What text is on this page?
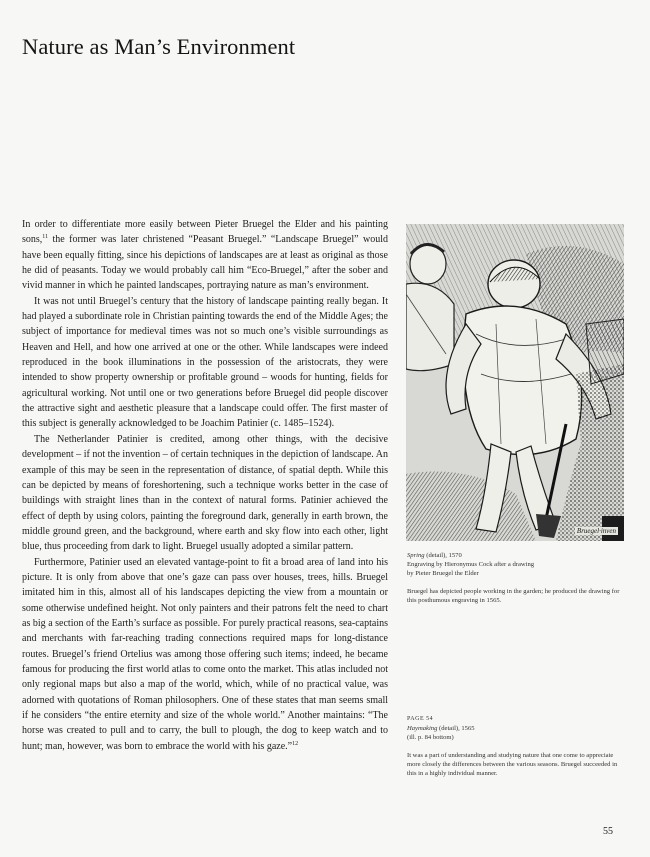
Nature as Man’s Environment

In order to differentiate more easily between Pieter Bruegel the Elder and his painting sons,$^{11}$ the former was later christened “Peasant Bruegel.” “Landscape Bruegel” would have been equally fitting, since his depictions of landscapes are at least as original as those he did of peasants. Today we would probably call him “Eco-Bruegel,” after the sober and vivid manner in which he painted landscapes, portraying nature as man’s environment.

It was not until Bruegel’s century that the history of landscape painting really began. It had played a subordinate role in Christian painting towards the end of the Middle Ages; the subject of importance for medieval times was not so much one’s visible surroundings as Heaven and Hell, and how one arrived at one or the other. While landscapes were indeed reproduced in the book illuminations in the possession of the aristocrats, they were intended to show property ownership or profitable ground – woods for hunting, fields for agricultural working. Not until one or two generations before Bruegel did people discover the attractive sight and aesthetic pleasure that a landscape could offer. The first master of this subject is generally acknowledged to be Joachim Patinier (c. 1485–1524).

The Netherlander Patinier is credited, among other things, with the decisive development – if not the invention – of certain techniques in the depiction of landscape. An example of this may be seen in the representation of distance, of spatial depth. While this can be depicted by means of foreshortening, such a technique works better in the case of buildings with straight lines than in the context of natural forms. Patinier achieved the effect of depth by using colors, painting the foreground dark, generally in earth brown, the middle ground green, and the background, where earth and sky flow into each other, light blue, thus proceeding from dark to light. Bruegel usually adopted a similar pattern.

Furthermore, Patinier used an elevated vantage-point to fit a broad area of land into his picture. It is only from above that one’s gaze can pass over houses, trees, hills. Bruegel imitated him in this, almost all of his landscapes depicting the view from a mountain or some otherwise undefined height. Not only painters and their patrons felt the need to chart as big a section of the Earth’s surface as possible. For purely practical reasons, sea-captains and merchants with far-reaching trading connections required maps for long-distance routes. Bruegel’s friend Ortelius was among those offering such items; indeed, he became famous for producing the first world atlas to come onto the market. This atlas included not only regional maps but also a map of the world, which, while of no practical value, was adorned with quotations of Roman philosophers. One of these states that man seems small if he considers “the entire eternity and size of the whole world.” Another maintains: “The horse was created to pull and to carry, the bull to plough, the dog to keep watch and to hunt; man, however, was born to embrace the world with his gaze.”$^{12}$

Bruegel·inven

Spring (detail), 1570

Engraving by Hieronymus Cock after a drawing

by Pieter Bruegel the Elder

Bruegel has depicted people working in the garden; he produced the drawing for this posthumous engraving in 1565.

PAGE 54

Haymaking (detail), 1565

(ill. p. 84 bottom)

It was a part of understanding and studying nature that one come to appreciate more closely the differences between the various seasons. Bruegel succeeded in this in a highly individual manner.

55
